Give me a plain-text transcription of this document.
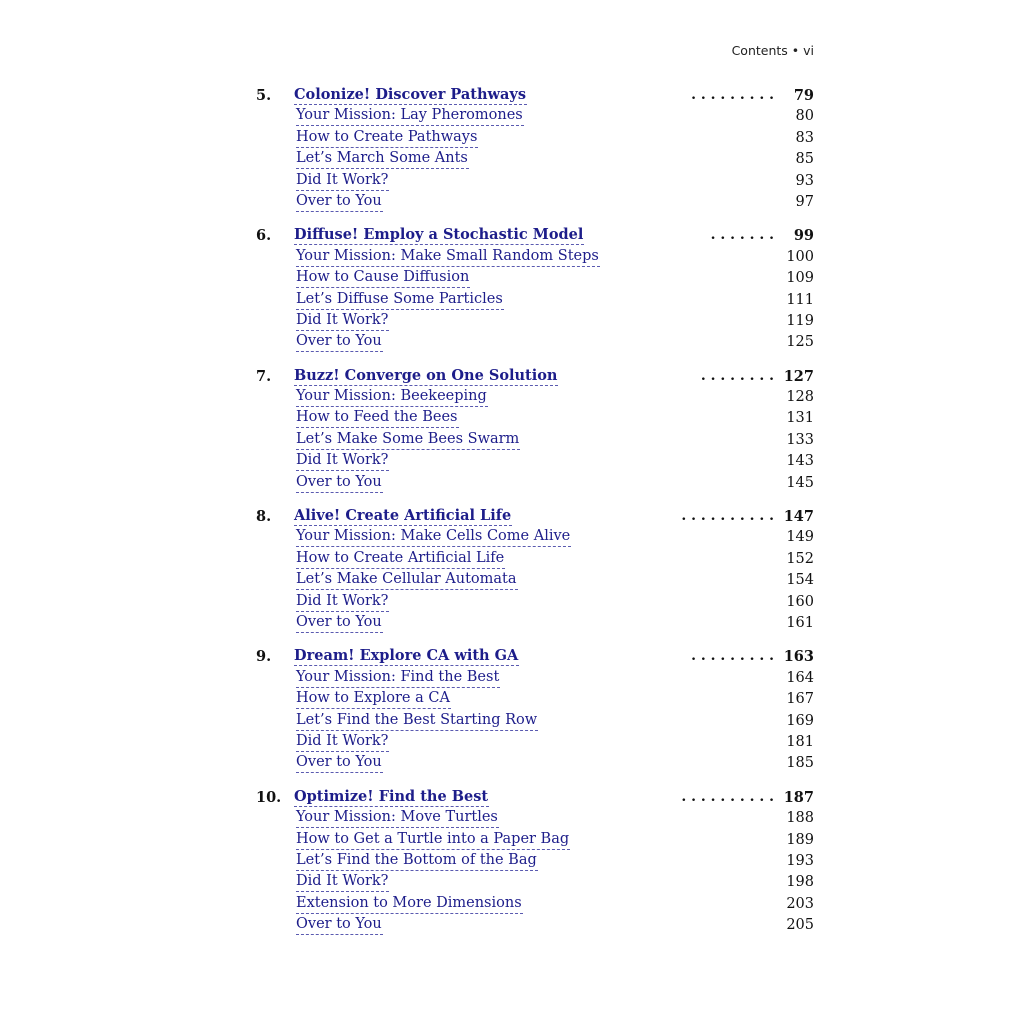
Contents • vi
5. Colonize! Discover Pathways	. . . . . . . . . 79
Your Mission: Lay Pheromones	80
How to Create Pathways	83
Let’s March Some Ants	85
Did It Work?	93
Over to You	97
6. Diffuse! Employ a Stochastic Model	. . . . . . . 99
Your Mission: Make Small Random Steps	100
How to Cause Diffusion	109
Let’s Diffuse Some Particles	111
Did It Work?	119
Over to You	125
7. Buzz! Converge on One Solution	. . . . . . . . 127
Your Mission: Beekeeping	128
How to Feed the Bees	131
Let’s Make Some Bees Swarm	133
Did It Work?	143
Over to You	145
8. Alive! Create Artificial Life	. . . . . . . . . . 147
Your Mission: Make Cells Come Alive	149
How to Create Artificial Life	152
Let’s Make Cellular Automata	154
Did It Work?	160
Over to You	161
9. Dream! Explore CA with GA	. . . . . . . . . 163
Your Mission: Find the Best	164
How to Explore a CA	167
Let’s Find the Best Starting Row	169
Did It Work?	181
Over to You	185
10. Optimize! Find the Best	. . . . . . . . . . 187
Your Mission: Move Turtles	188
How to Get a Turtle into a Paper Bag	189
Let’s Find the Bottom of the Bag	193
Did It Work?	198
Extension to More Dimensions	203
Over to You	205
